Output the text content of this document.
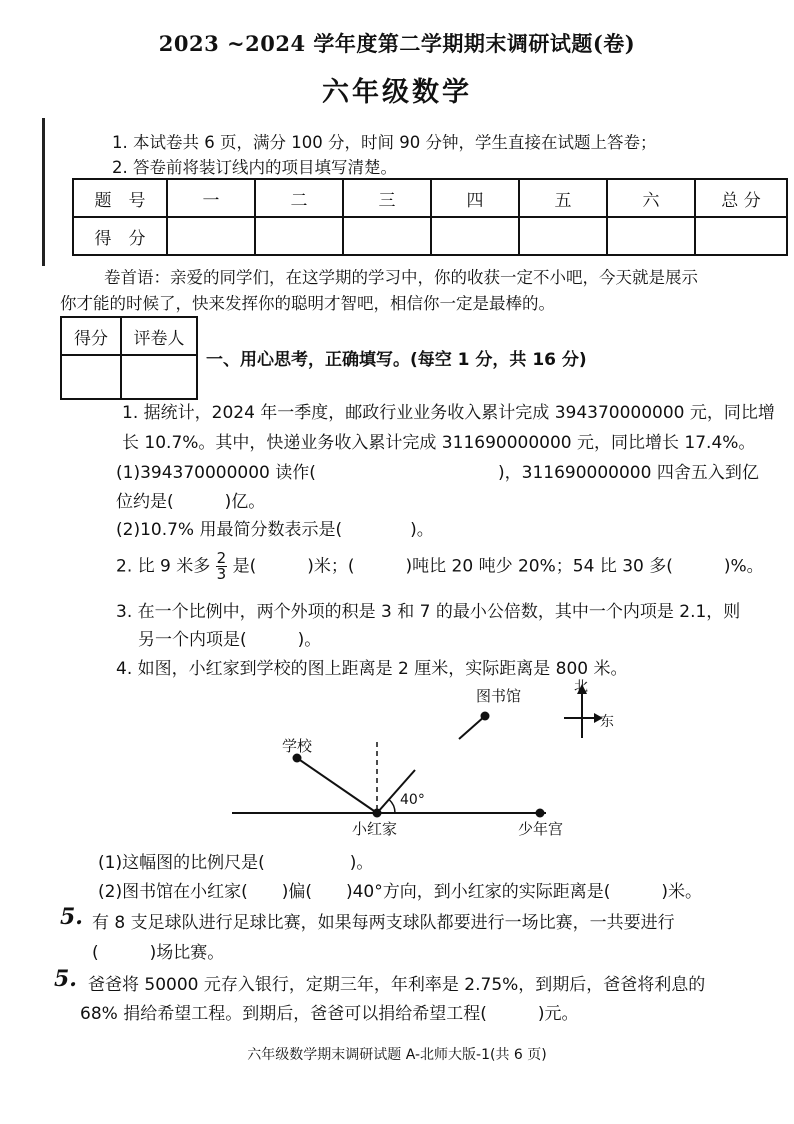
2023 ~2024 学年度第二学期期末调研试题(卷)
六年级数学
1. 本试卷共 6 页，满分 100 分，时间 90 分钟，学生直接在试题上答卷；
2. 答卷前将装订线内的项目填写清楚。
题　号	一	二	三	四	五	六	总 分
得　分							
卷首语：亲爱的同学们，在这学期的学习中，你的收获一定不小吧，今天就是展示
你才能的时候了，快来发挥你的聪明才智吧，相信你一定是最棒的。
得分	评卷人

一、用心思考，正确填写。(每空 1 分，共 16 分)
1. 据统计，2024 年一季度，邮政行业业务收入累计完成 394370000000 元，同比增
长 10.7%。其中，快递业务收入累计完成 311690000000 元，同比增长 17.4%。
(1)394370000000 读作(	)，311690000000 四舍五入到亿
位约是(　　　)亿。
(2)10.7% 用最简分数表示是(　　　　)。
2. 比 9 米多 $\frac{2}{3}$ 是(　　　)米；(　　　)吨比 20 吨少 20%；54 比 30 多(　　　)%。
3. 在一个比例中，两个外项的积是 3 和 7 的最小公倍数，其中一个内项是 2.1，则
另一个内项是(　　　)。
4. 如图，小红家到学校的图上距离是 2 厘米，实际距离是 800 米。
图书馆
学校
小红家	少年宫
北
东
40°
(1)这幅图的比例尺是(　　　　　)。
(2)图书馆在小红家(　　)偏(　　)40°方向，到小红家的实际距离是(　　　)米。
5. 有 8 支足球队进行足球比赛，如果每两支球队都要进行一场比赛，一共要进行
(　　　)场比赛。
5. 爸爸将 50000 元存入银行，定期三年，年利率是 2.75%，到期后，爸爸将利息的
68% 捐给希望工程。到期后，爸爸可以捐给希望工程(　　　)元。
六年级数学期末调研试题 A-北师大版-1(共 6 页)
